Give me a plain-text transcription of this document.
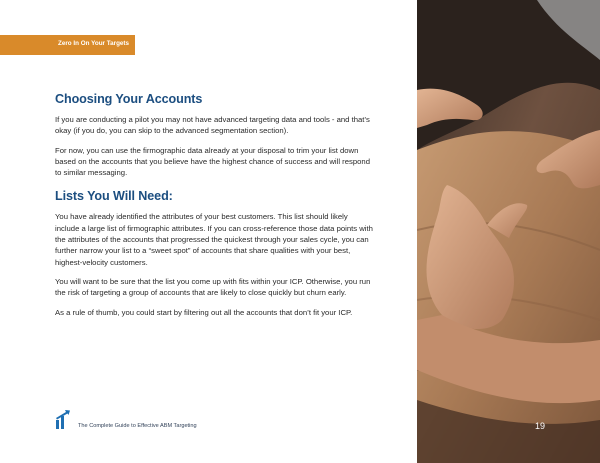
Zero In On Your Targets
Choosing Your Accounts

If you are conducting a pilot you may not have advanced targeting data and tools - and that’s okay (if you do, you can skip to the advanced segmentation section).

For now, you can use the firmographic data already at your disposal to trim your list down based on the accounts that you believe have the highest chance of success and will respond to similar messaging.

Lists You Will Need:

You have already identified the attributes of your best customers. This list should likely include a large list of firmographic attributes. If you can cross-reference those data points with the attributes of the accounts that progressed the quickest through your sales cycle, you can further narrow your list to a “sweet spot” of accounts that share qualities with your best, highest-velocity customers.

You will want to be sure that the list you come up with fits within your ICP. Otherwise, you run the risk of targeting a group of accounts that are likely to close quickly but churn early.

As a rule of thumb, you could start by filtering out all the accounts that don’t fit your ICP.

The Complete Guide to Effective ABM Targeting	19
